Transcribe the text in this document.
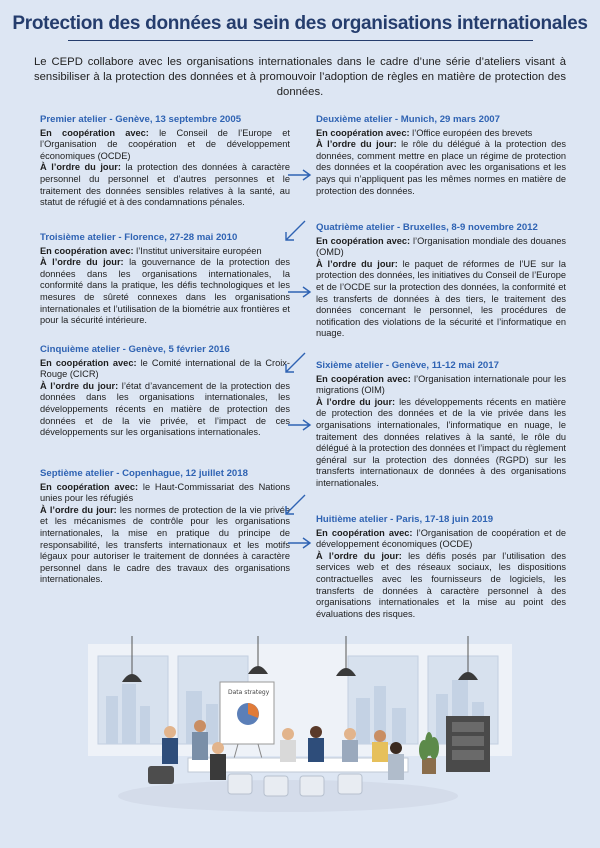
Protection des données au sein des organisations internationales
Le CEPD collabore avec les organisations internationales dans le cadre d’une série d’ateliers visant à sensibiliser à la protection des données et à promouvoir l’adoption de règles en matière de protection des données.
Premier atelier - Genève, 13 septembre 2005

En coopération avec: le Conseil de l’Europe et l’Organisation de coopération et de développement économiques (OCDE)

À l’ordre du jour: la protection des données à caractère personnel du personnel et d’autres personnes et le traitement des données sensibles relatives à la santé, au statut de réfugié et à des condamnations pénales.

Deuxième atelier - Munich, 29 mars 2007

En coopération avec: l’Office européen des brevets

À l’ordre du jour: le rôle du délégué à la protection des données, comment mettre en place un régime de protection des données et la coopération avec les organisations et les pays qui n’appliquent pas les mêmes normes en matière de protection des données.

Troisième atelier - Florence, 27-28 mai 2010

En coopération avec: l’Institut universitaire européen

À l’ordre du jour: la gouvernance de la protection des données dans les organisations internationales, la conformité dans la pratique, les défis technologiques et les mesures de sûreté connexes dans les organisations internationales et l’utilisation de la biométrie aux frontières et pour la sécurité intérieure.

Quatrième atelier - Bruxelles, 8-9 novembre 2012

En coopération avec: l’Organisation mondiale des douanes (OMD)

À l’ordre du jour: le paquet de réformes de l’UE sur la protection des données, les initiatives du Conseil de l’Europe et de l’OCDE sur la protection des données, la conformité et les transferts de données à des tiers, le traitement des données concernant le personnel, les procédures de notification des violations de la sécurité et l’informatique en nuage.

Cinquième atelier - Genève, 5 février 2016

En coopération avec: le Comité international de la Croix-Rouge (CICR)

À l’ordre du jour: l’état d’avancement de la protection des données dans les organisations internationales, les développements récents en matière de protection des données et de la vie privée, et l’impact de ces développements sur les organisations internationales.

Sixième atelier - Genève, 11-12 mai 2017

En coopération avec: l’Organisation internationale pour les migrations (OIM)

À l’ordre du jour: les développements récents en matière de protection des données et de la vie privée dans les organisations internationales, l’informatique en nuage, le traitement des données relatives à la santé, le rôle du délégué à la protection des données et l’impact du règlement général sur la protection des données (RGPD) sur les transferts internationaux de données à des organisations internationales.

Septième atelier - Copenhague, 12 juillet 2018

En coopération avec: le Haut-Commissariat des Nations unies pour les réfugiés

À l’ordre du jour: les normes de protection de la vie privée et les mécanismes de contrôle pour les organisations internationales, la mise en pratique du principe de responsabilité, les transferts internationaux et les motifs légaux pour autoriser le traitement de données à caractère personnel dans le cadre des travaux des organisations internationales.

Huitième atelier - Paris, 17-18 juin 2019

En coopération avec: l’Organisation de coopération et de développement économiques (OCDE)

À l’ordre du jour: les défis posés par l’utilisation des services web et des réseaux sociaux, les dispositions contractuelles avec les fournisseurs de logiciels, les transferts de données à caractère personnel à des organisations internationales et la mise au point des évaluations des risques.

Data strategy
